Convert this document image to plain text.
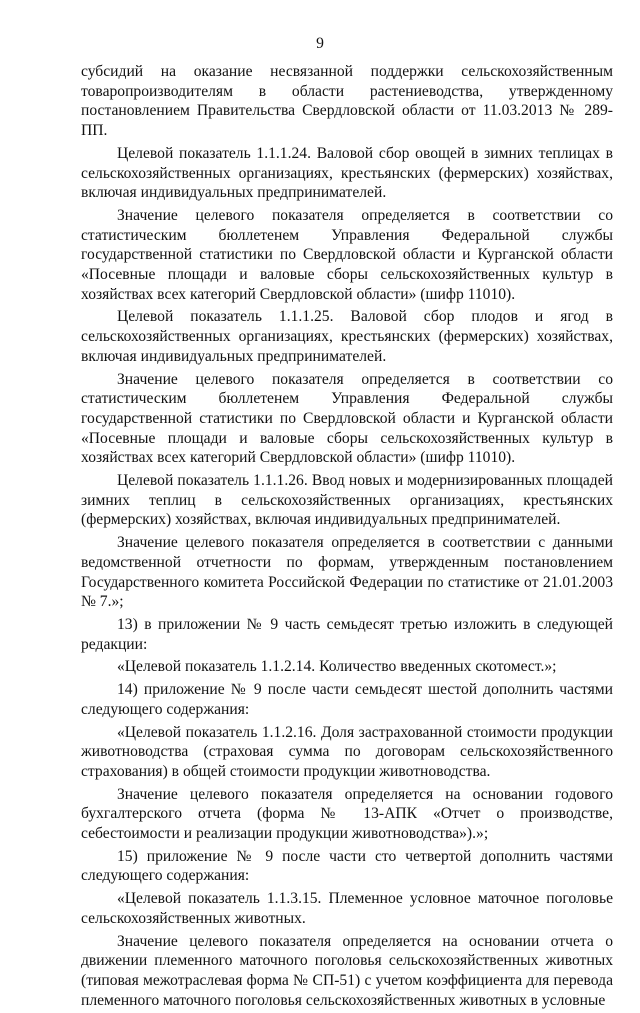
9

субсидий на оказание несвязанной поддержки сельскохозяйственным товаропроизводителям в области растениеводства, утвержденному постановлением Правительства Свердловской области от 11.03.2013 № 289-ПП.

Целевой показатель 1.1.1.24. Валовой сбор овощей в зимних теплицах в сельскохозяйственных организациях, крестьянских (фермерских) хозяйствах, включая индивидуальных предпринимателей.

Значение целевого показателя определяется в соответствии со статистическим бюллетенем Управления Федеральной службы государственной статистики по Свердловской области и Курганской области «Посевные площади и валовые сборы сельскохозяйственных культур в хозяйствах всех категорий Свердловской области» (шифр 11010).

Целевой показатель 1.1.1.25. Валовой сбор плодов и ягод в сельскохозяйственных организациях, крестьянских (фермерских) хозяйствах, включая индивидуальных предпринимателей.

Значение целевого показателя определяется в соответствии со статистическим бюллетенем Управления Федеральной службы государственной статистики по Свердловской области и Курганской области «Посевные площади и валовые сборы сельскохозяйственных культур в хозяйствах всех категорий Свердловской области» (шифр 11010).

Целевой показатель 1.1.1.26. Ввод новых и модернизированных площадей зимних теплиц в сельскохозяйственных организациях, крестьянских (фермерских) хозяйствах, включая индивидуальных предпринимателей.

Значение целевого показателя определяется в соответствии с данными ведомственной отчетности по формам, утвержденным постановлением Государственного комитета Российской Федерации по статистике от 21.01.2003 № 7.»;

13) в приложении № 9 часть семьдесят третью изложить в следующей редакции:

«Целевой показатель 1.1.2.14. Количество введенных скотомест.»;

14) приложение № 9 после части семьдесят шестой дополнить частями следующего содержания:

«Целевой показатель 1.1.2.16. Доля застрахованной стоимости продукции животноводства (страховая сумма по договорам сельскохозяйственного страхования) в общей стоимости продукции животноводства.

Значение целевого показателя определяется на основании годового бухгалтерского отчета (форма № 13-АПК «Отчет о производстве, себестоимости и реализации продукции животноводства»).»;

15) приложение № 9 после части сто четвертой дополнить частями следующего содержания:

«Целевой показатель 1.1.3.15. Племенное условное маточное поголовье сельскохозяйственных животных.

Значение целевого показателя определяется на основании отчета о движении племенного маточного поголовья сельскохозяйственных животных (типовая межотраслевая форма № СП-51) с учетом коэффициента для перевода племенного маточного поголовья сельскохозяйственных животных в условные
